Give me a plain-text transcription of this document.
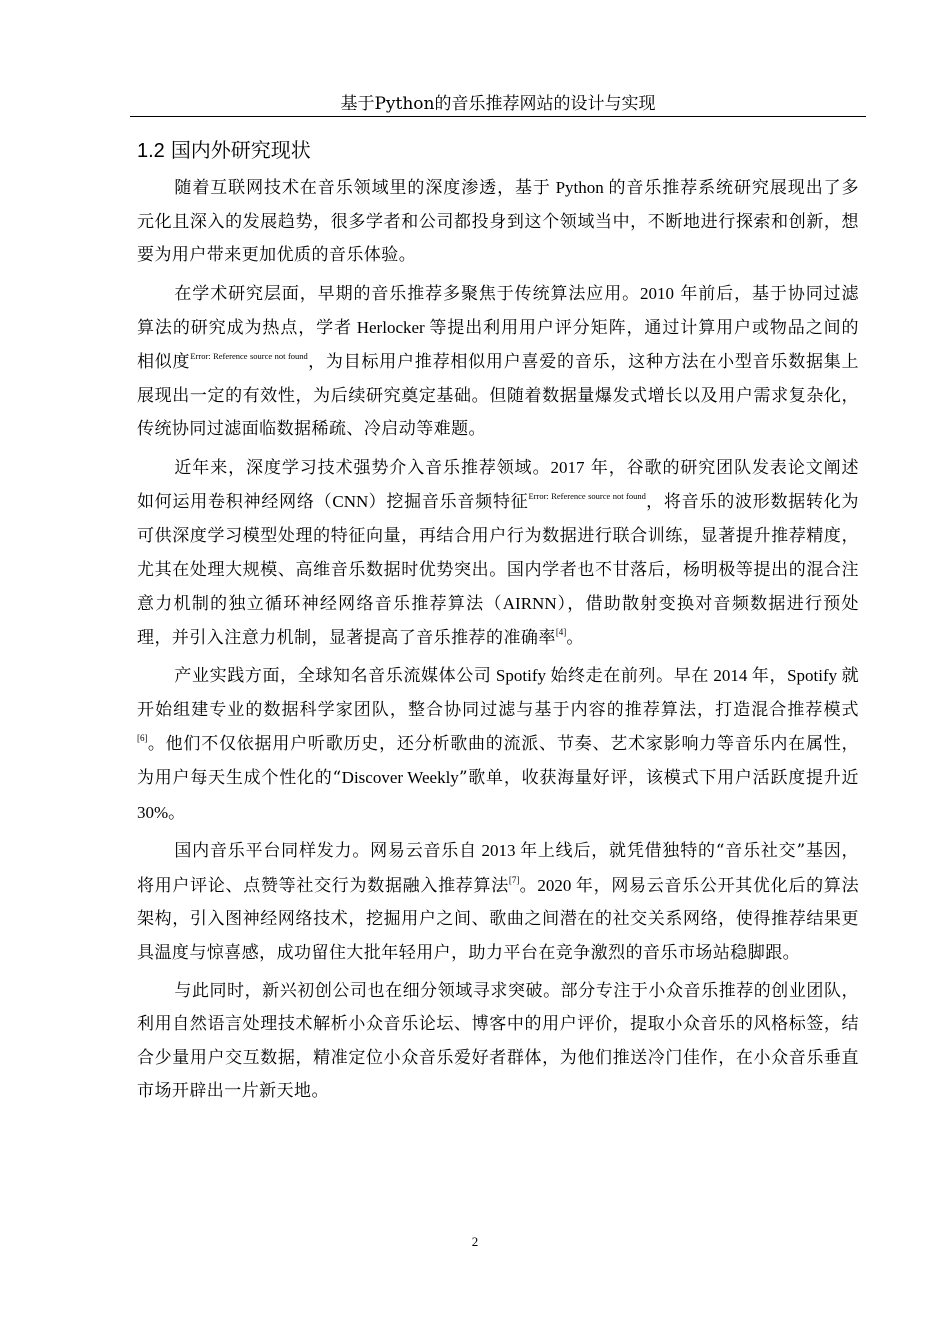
基于Python的音乐推荐网站的设计与实现
1.2 国内外研究现状

随着互联网技术在音乐领域里的深度渗透，基于 Python 的音乐推荐系统研究展现出了多元化且深入的发展趋势，很多学者和公司都投身到这个领域当中，不断地进行探索和创新，想要为用户带来更加优质的音乐体验。

在学术研究层面，早期的音乐推荐多聚焦于传统算法应用。2010 年前后，基于协同过滤算法的研究成为热点，学者 Herlocker 等提出利用用户评分矩阵，通过计算用户或物品之间的相似度$^{Error: Reference source not found}$，为目标用户推荐相似用户喜爱的音乐，这种方法在小型音乐数据集上展现出一定的有效性，为后续研究奠定基础。但随着数据量爆发式增长以及用户需求复杂化，传统协同过滤面临数据稀疏、冷启动等难题。

近年来，深度学习技术强势介入音乐推荐领域。2017 年，谷歌的研究团队发表论文阐述如何运用卷积神经网络（CNN）挖掘音乐音频特征$^{Error: Reference source not found}$，将音乐的波形数据转化为可供深度学习模型处理的特征向量，再结合用户行为数据进行联合训练，显著提升推荐精度，尤其在处理大规模、高维音乐数据时优势突出。国内学者也不甘落后，杨明极等提出的混合注意力机制的独立循环神经网络音乐推荐算法（AIRNN），借助散射变换对音频数据进行预处理，并引入注意力机制，显著提高了音乐推荐的准确率[4]。

产业实践方面，全球知名音乐流媒体公司 Spotify 始终走在前列。早在 2014 年，Spotify 就开始组建专业的数据科学家团队，整合协同过滤与基于内容的推荐算法，打造混合推荐模式[6]。他们不仅依据用户听歌历史，还分析歌曲的流派、节奏、艺术家影响力等音乐内在属性，为用户每天生成个性化的“Discover Weekly”歌单，收获海量好评，该模式下用户活跃度提升近 30%。

国内音乐平台同样发力。网易云音乐自 2013 年上线后，就凭借独特的“音乐社交”基因，将用户评论、点赞等社交行为数据融入推荐算法[7]。2020 年，网易云音乐公开其优化后的算法架构，引入图神经网络技术，挖掘用户之间、歌曲之间潜在的社交关系网络，使得推荐结果更具温度与惊喜感，成功留住大批年轻用户，助力平台在竞争激烈的音乐市场站稳脚跟。

与此同时，新兴初创公司也在细分领域寻求突破。部分专注于小众音乐推荐的创业团队，利用自然语言处理技术解析小众音乐论坛、博客中的用户评价，提取小众音乐的风格标签，结合少量用户交互数据，精准定位小众音乐爱好者群体，为他们推送冷门佳作，在小众音乐垂直市场开辟出一片新天地。

2
